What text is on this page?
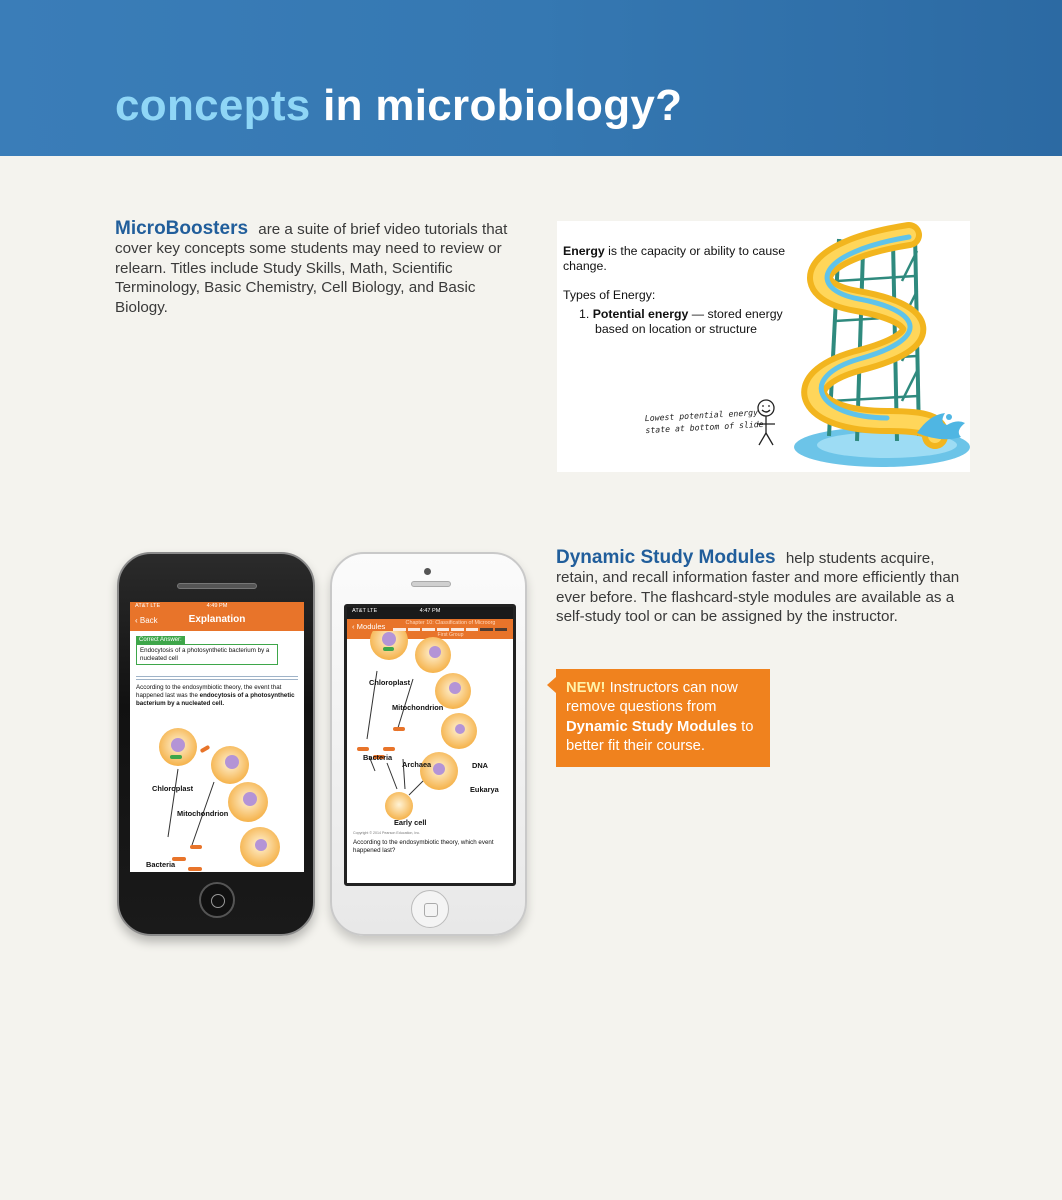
concepts in microbiology?
MicroBoosters are a suite of brief video tutorials that cover key concepts some students may need to review or relearn. Titles include Study Skills, Math, Scientific Terminology, Basic Chemistry, Cell Biology, and Basic Biology.

Energy is the capacity or ability to cause change.

Types of Energy:
1. Potential energy — stored energy based on location or structure
Lowest potential energy
state at bottom of slide
AT&T LTE	4:49 PM
‹ Back	Explanation
Correct Answer:
Endocytosis of a photosynthetic bacterium by a nucleated cell
According to the endosymbiotic theory, the event that happened last was the endocytosis of a photosynthetic bacterium by a nucleated cell.
Chloroplast
Mitochondrion
Bacteria
AT&T LTE	4:47 PM
‹ Modules	Chapter 10: Classification of Microorg
First Group
Chloroplast
Mitochondrion
Bacteria
Archaea	DNA
Eukarya
Early cell
Copyright © 2014 Pearson Education, Inc.
According to the endosymbiotic theory, which event happened last?
Dynamic Study Modules help students acquire, retain, and recall information faster and more efficiently than ever before. The flashcard-style modules are available as a self-study tool or can be assigned by the instructor.
NEW! Instructors can now remove questions from Dynamic Study Modules to better fit their course.
